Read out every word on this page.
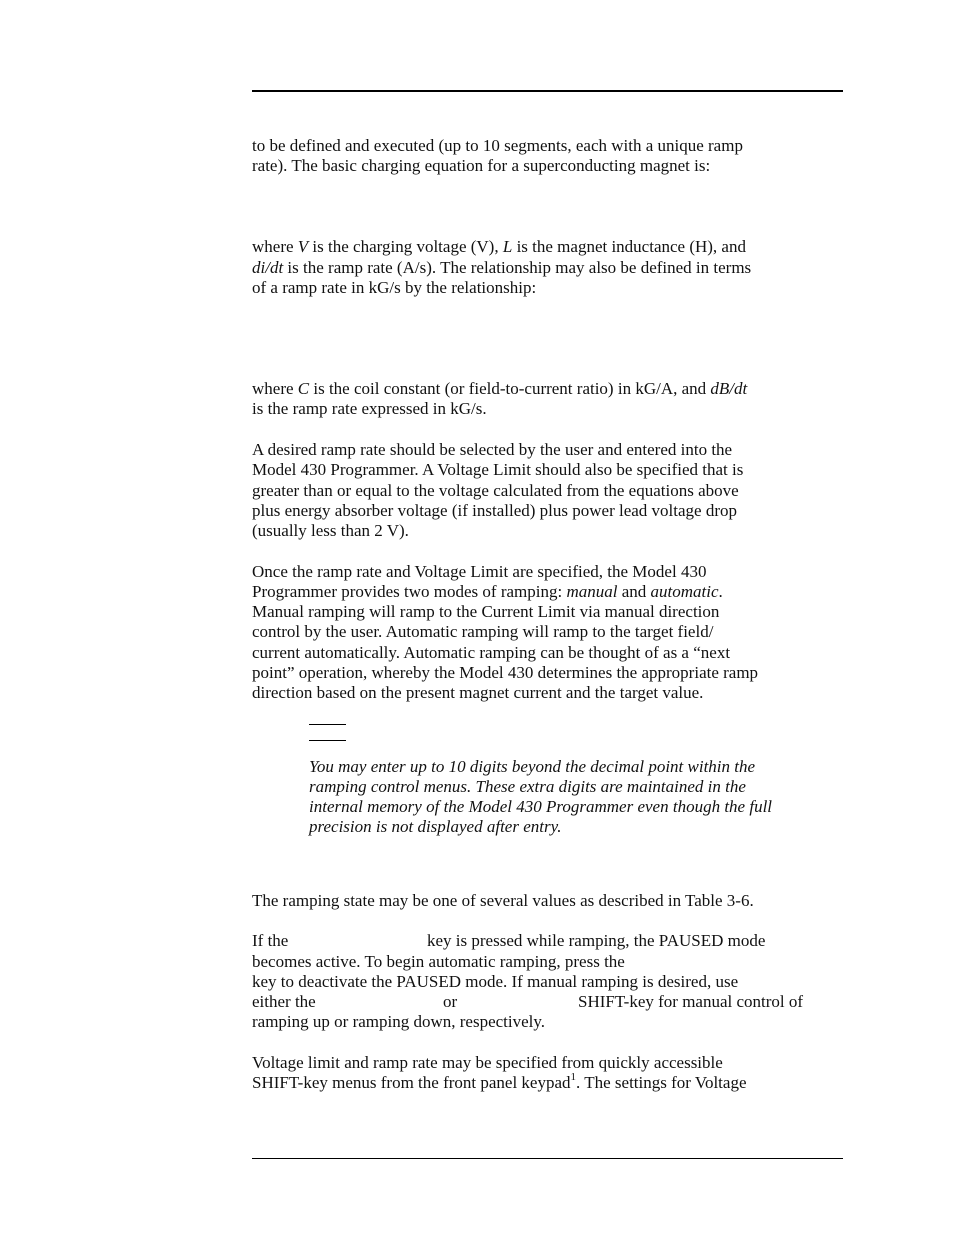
to be defined and executed (up to 10 segments, each with a unique ramp
rate). The basic charging equation for a superconducting magnet is:
where V is the charging voltage (V), L is the magnet inductance (H), and
di/dt is the ramp rate (A/s). The relationship may also be defined in terms
of a ramp rate in kG/s by the relationship:
where C is the coil constant (or field-to-current ratio) in kG/A, and dB/dt
is the ramp rate expressed in kG/s.
A desired ramp rate should be selected by the user and entered into the
Model 430 Programmer. A Voltage Limit should also be specified that is
greater than or equal to the voltage calculated from the equations above
plus energy absorber voltage (if installed) plus power lead voltage drop
(usually less than 2 V).
Once the ramp rate and Voltage Limit are specified, the Model 430
Programmer provides two modes of ramping: manual and automatic.
Manual ramping will ramp to the Current Limit via manual direction
control by the user. Automatic ramping will ramp to the target field/
current automatically. Automatic ramping can be thought of as a “next
point” operation, whereby the Model 430 determines the appropriate ramp
direction based on the present magnet current and the target value.
You may enter up to 10 digits beyond the decimal point within the
ramping control menus. These extra digits are maintained in the
internal memory of the Model 430 Programmer even though the full
precision is not displayed after entry.
The ramping state may be one of several values as described in Table 3-6.
If the	key is pressed while ramping, the PAUSED mode
becomes active. To begin automatic ramping, press the
key to deactivate the PAUSED mode. If manual ramping is desired, use
either the	or	SHIFT-key for manual control of
ramping up or ramping down, respectively.
Voltage limit and ramp rate may be specified from quickly accessible
SHIFT-key menus from the front panel keypad$^1$. The settings for Voltage
